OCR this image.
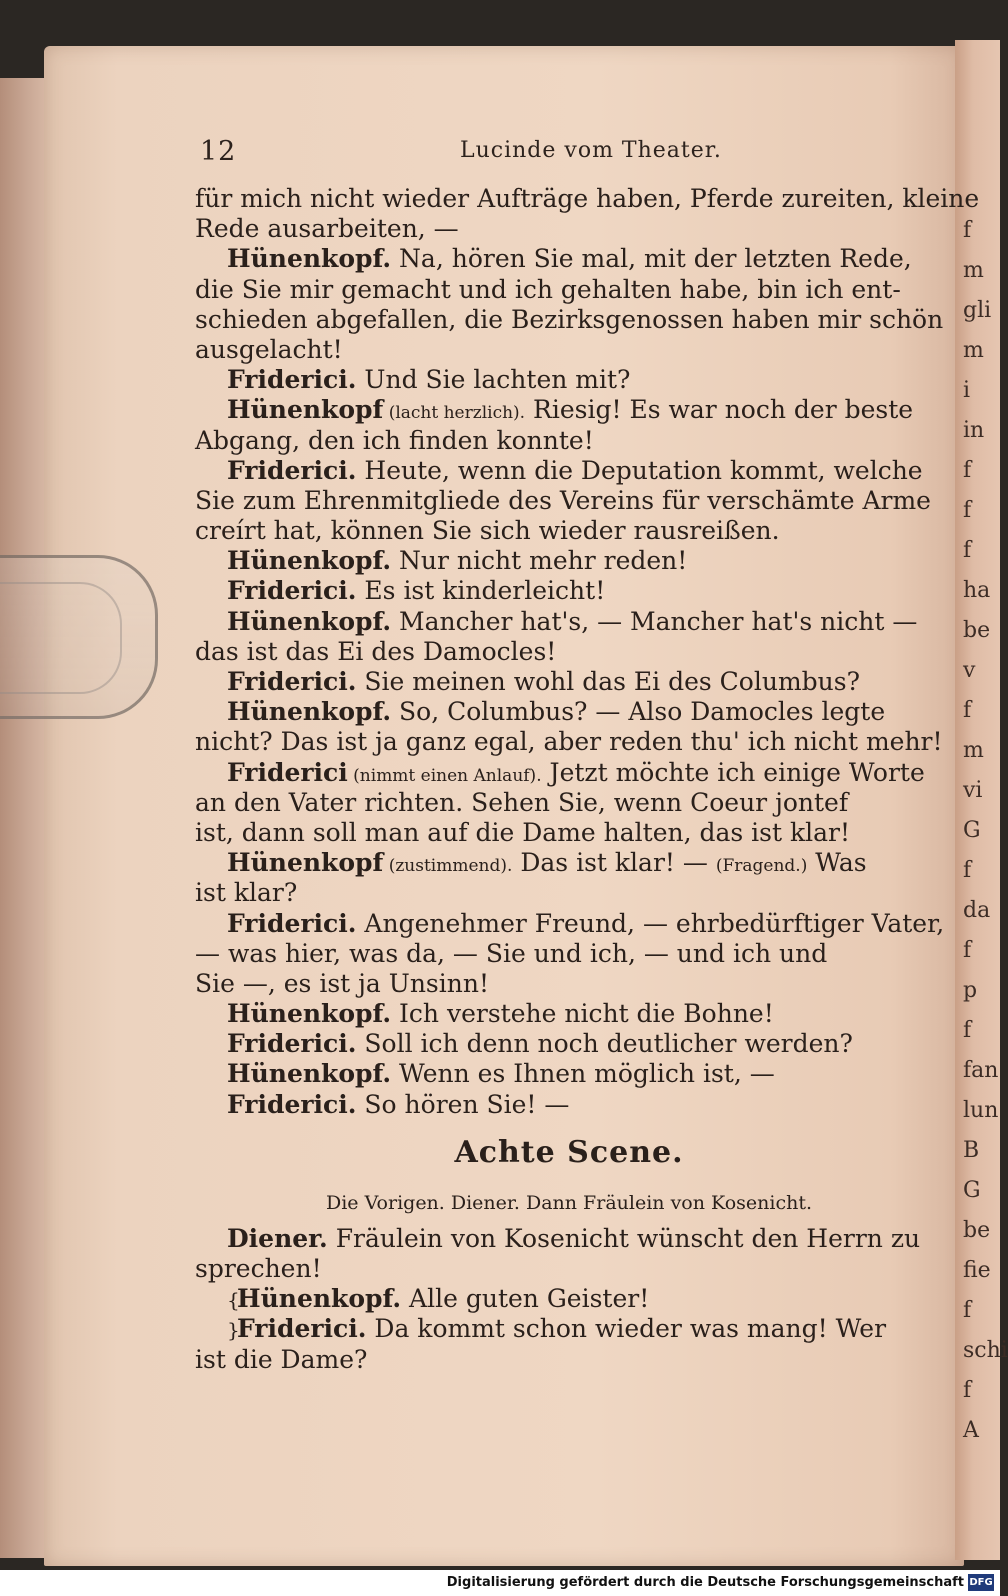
f
m
gli
m
i
in
f
f
f
ha
be
v
f
m
vi
G
f
da
f
p
f
fan
lun
B
G
be
fie
f
schi
f
A
12	Lucinde vom Theater.
für mich nicht wieder Aufträge haben, Pferde zureiten, kleine
Rede ausarbeiten, —
Hünenkopf. Na, hören Sie mal, mit der letzten Rede,
die Sie mir gemacht und ich gehalten habe, bin ich ent-
schieden abgefallen, die Bezirksgenossen haben mir schön
ausgelacht!
Friderici. Und Sie lachten mit?
Hünenkopf (lacht herzlich). Riesig! Es war noch der beste
Abgang, den ich finden konnte!
Friderici. Heute, wenn die Deputation kommt, welche
Sie zum Ehrenmitgliede des Vereins für verschämte Arme
creírt hat, können Sie sich wieder rausreißen.
Hünenkopf. Nur nicht mehr reden!
Friderici. Es ist kinderleicht!
Hünenkopf. Mancher hat's, — Mancher hat's nicht —
das ist das Ei des Damocles!
Friderici. Sie meinen wohl das Ei des Columbus?
Hünenkopf. So, Columbus? — Also Damocles legte
nicht? Das ist ja ganz egal, aber reden thu' ich nicht mehr!
Friderici (nimmt einen Anlauf). Jetzt möchte ich einige Worte
an den Vater richten. Sehen Sie, wenn Coeur jontef
ist, dann soll man auf die Dame halten, das ist klar!
Hünenkopf (zustimmend). Das ist klar! — (Fragend.) Was
ist klar?
Friderici. Angenehmer Freund, — ehrbedürftiger Vater,
— was hier, was da, — Sie und ich, — und ich und
Sie —, es ist ja Unsinn!
Hünenkopf. Ich verstehe nicht die Bohne!
Friderici. Soll ich denn noch deutlicher werden?
Hünenkopf. Wenn es Ihnen möglich ist, —
Friderici. So hören Sie! —
Achte Scene.
Die Vorigen. Diener. Dann Fräulein von Kosenicht.
Diener. Fräulein von Kosenicht wünscht den Herrn zu
sprechen!
{Hünenkopf. Alle guten Geister!
}Friderici. Da kommt schon wieder was mang! Wer
ist die Dame?
Digitalisierung gefördert durch die Deutsche Forschungsgemeinschaft DFG
